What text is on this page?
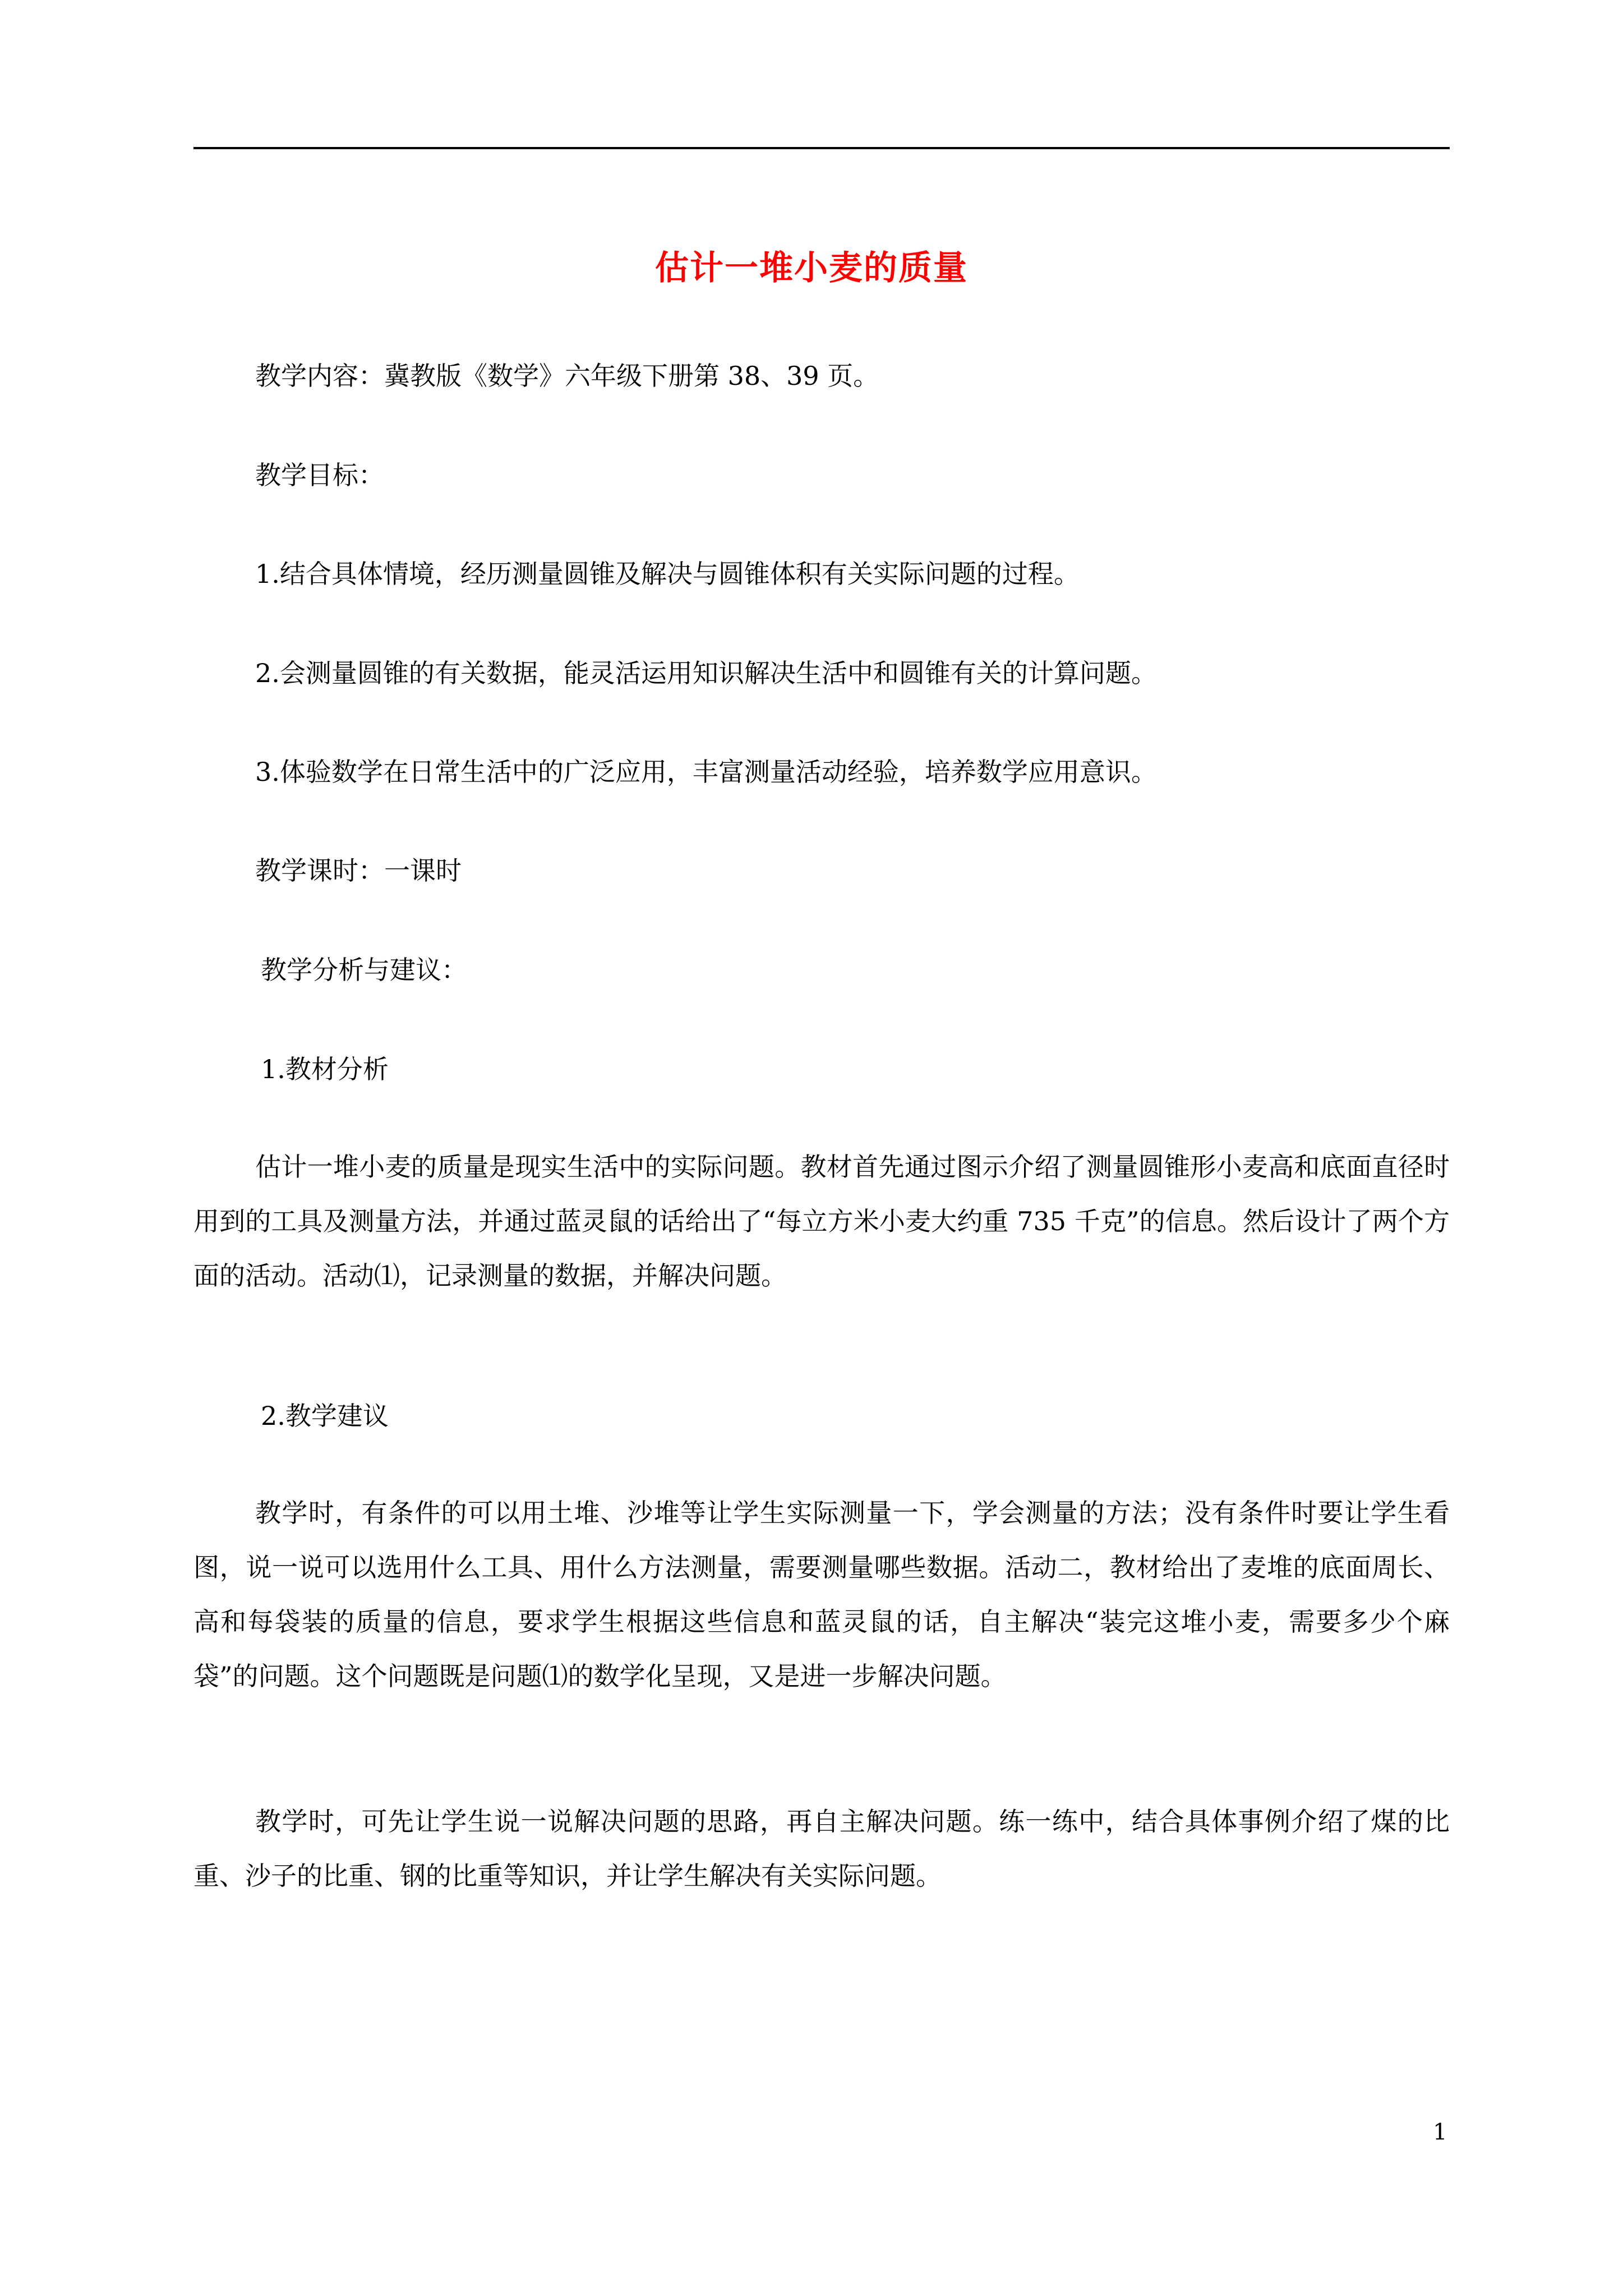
估计一堆小麦的质量
教学内容：冀教版《数学》六年级下册第 38、39 页。
教学目标：
1.结合具体情境，经历测量圆锥及解决与圆锥体积有关实际问题的过程。
2.会测量圆锥的有关数据，能灵活运用知识解决生活中和圆锥有关的计算问题。
3.体验数学在日常生活中的广泛应用，丰富测量活动经验，培养数学应用意识。
教学课时：一课时
教学分析与建议：
1.教材分析
估计一堆小麦的质量是现实生活中的实际问题。教材首先通过图示介绍了测量圆锥形小麦高和底面直径时用到的工具及测量方法，并通过蓝灵鼠的话给出了“每立方米小麦大约重 735 千克”的信息。然后设计了两个方面的活动。活动⑴，记录测量的数据，并解决问题。
2.教学建议
教学时，有条件的可以用土堆、沙堆等让学生实际测量一下，学会测量的方法；没有条件时要让学生看图，说一说可以选用什么工具、用什么方法测量，需要测量哪些数据。活动二，教材给出了麦堆的底面周长、高和每袋装的质量的信息，要求学生根据这些信息和蓝灵鼠的话，自主解决“装完这堆小麦，需要多少个麻袋”的问题。这个问题既是问题⑴的数学化呈现，又是进一步解决问题。
教学时，可先让学生说一说解决问题的思路，再自主解决问题。练一练中，结合具体事例介绍了煤的比重、沙子的比重、钢的比重等知识，并让学生解决有关实际问题。
1
